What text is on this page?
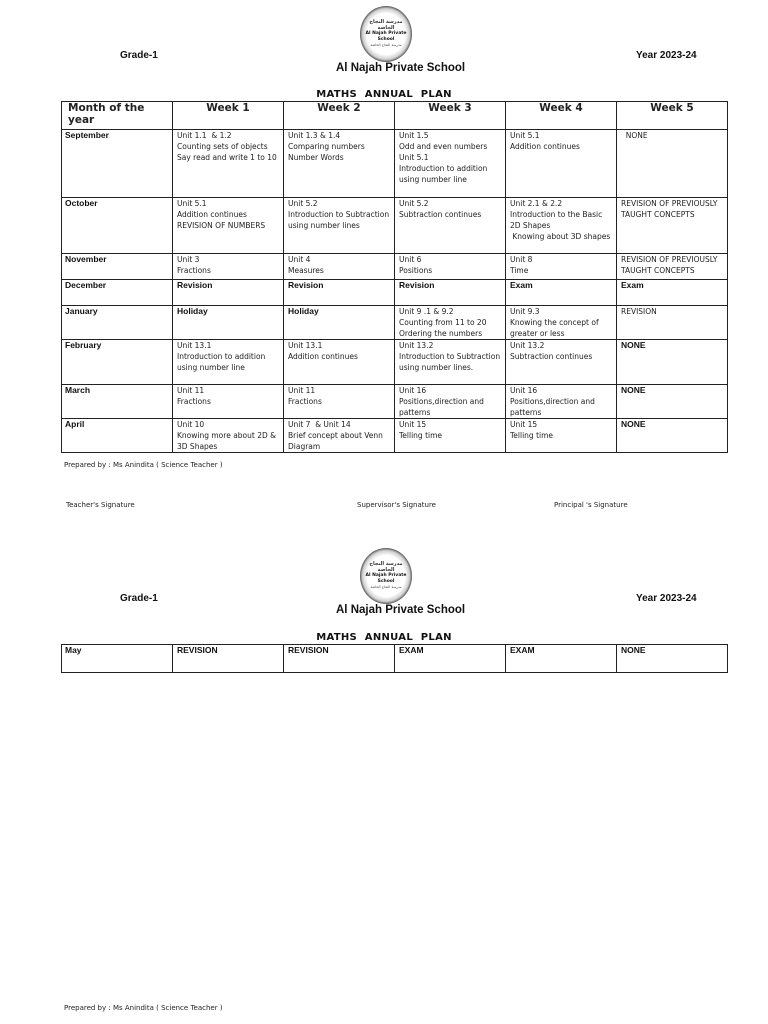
مدرسة النجاح الخاصة
Al Najah Private School
مدرسة النجاح الخاصة
Grade-1	Year 2023-24
Al Najah Private School
MATHS ANNUAL PLAN
Month of the year	Week 1	Week 2	Week 3	Week 4	Week 5
September	Unit 1.1  & 1.2
Counting sets of objects
Say read and write 1 to 10	Unit 1.3 & 1.4
Comparing numbers
Number Words	Unit 1.5
Odd and even numbers
Unit 5.1
Introduction to addition using number line	Unit 5.1
Addition continues	NONE

October	Unit 5.1
Addition continues
REVISION OF NUMBERS	Unit 5.2
Introduction to Subtraction using number lines	Unit 5.2
Subtraction continues	Unit 2.1 & 2.2
Introduction to the Basic 2D Shapes
Knowing about 3D shapes	REVISION OF PREVIOUSLY TAUGHT CONCEPTS

November	Unit 3
Fractions	Unit 4
Measures	Unit 6
Positions	Unit 8
Time	REVISION OF PREVIOUSLY TAUGHT CONCEPTS

December	Revision	Revision	Revision	Exam	Exam

January	Holiday	Holiday	Unit 9 .1 & 9.2
Counting from 11 to 20
Ordering the numbers	Unit 9.3
Knowing the concept of greater or less	REVISION

February	Unit 13.1
Introduction to addition using number line	Unit 13.1
Addition continues	Unit 13.2
Introduction to Subtraction using number lines.	Unit 13.2
Subtraction continues	NONE

March	Unit 11
Fractions	Unit 11
Fractions	Unit 16
Positions,direction and patterns	Unit 16
Positions,direction and patterns	NONE

April	Unit 10
Knowing more about 2D & 3D Shapes	Unit 7  & Unit 14
Brief concept about Venn Diagram	Unit 15
Telling time	Unit 15
Telling time	NONE
Prepared by : Ms Anindita ( Science Teacher )
Teacher's Signature	Supervisor's Signature	Principal 's Signature
مدرسة النجاح الخاصة
Al Najah Private School
مدرسة النجاح الخاصة
Grade-1	Year 2023-24
Al Najah Private School
MATHS ANNUAL PLAN
May	REVISION	REVISION	EXAM	EXAM	NONE
Prepared by : Ms Anindita ( Science Teacher )
